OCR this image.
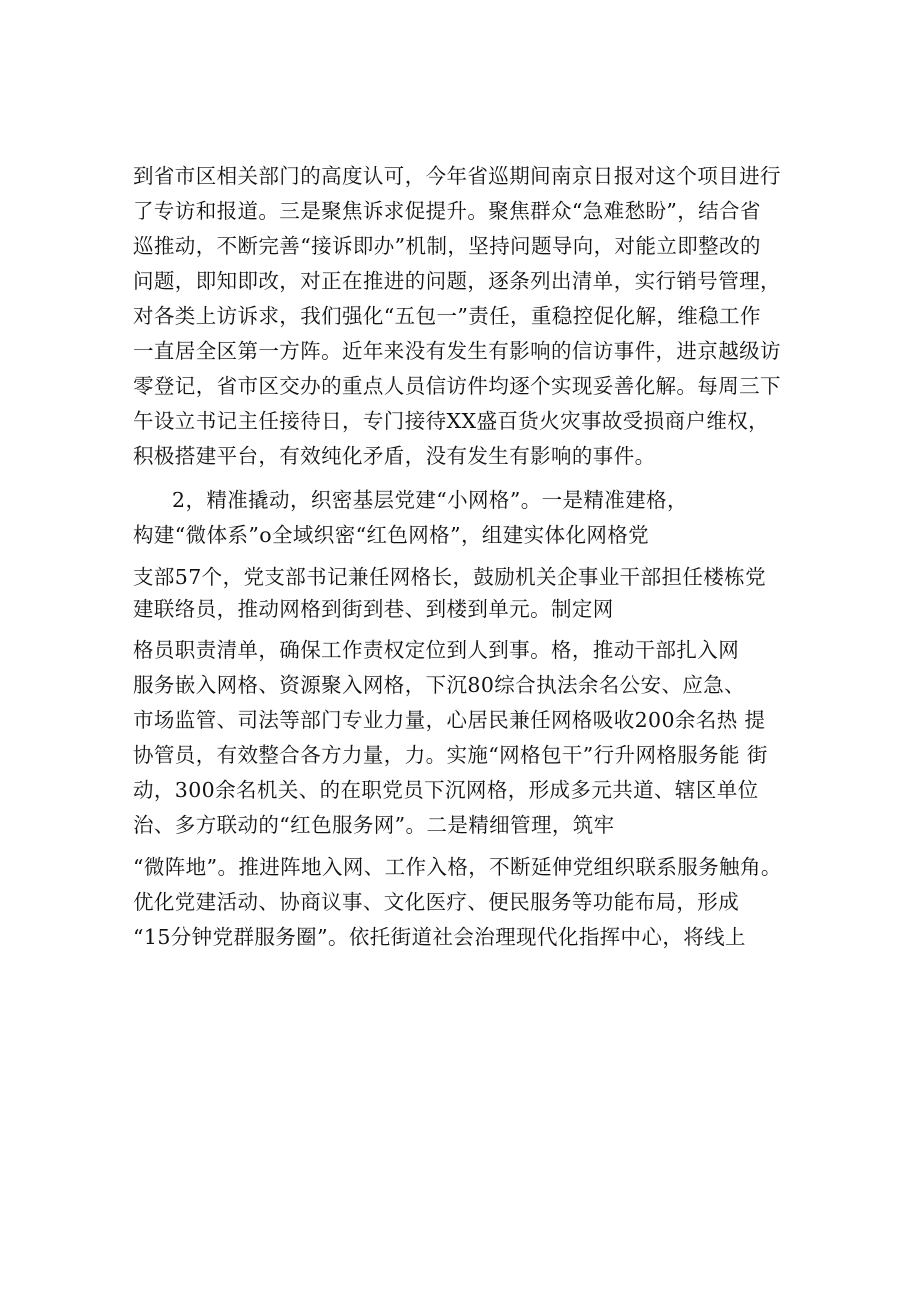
到省市区相关部门的高度认可，今年省巡期间南京日报对这个项目进行
了专访和报道。三是聚焦诉求促提升。聚焦群众“急难愁盼”，结合省
巡推动，不断完善“接诉即办”机制，坚持问题导向，对能立即整改的
问题，即知即改，对正在推进的问题，逐条列出清单，实行销号管理，
对各类上访诉求，我们强化“五包一”责任，重稳控促化解，维稳工作
一直居全区第一方阵。近年来没有发生有影响的信访事件，进京越级访
零登记，省市区交办的重点人员信访件均逐个实现妥善化解。每周三下
午设立书记主任接待日，专门接待XX盛百货火灾事故受损商户维权，
积极搭建平台，有效纯化矛盾，没有发生有影响的事件。
2，精准撬动，织密基层党建“小网格”。一是精准建格，
构建“微体系”o全域织密“红色网格”，组建实体化网格党
支部57个，党支部书记兼任网格长，鼓励机关企事业干部担任楼栋党
建联络员，推动网格到街到巷、到楼到单元。制定网
格员职责清单，确保工作责权定位到人到事。格，推动干部扎入网
服务嵌入网格、资源聚入网格，下沉80综合执法余名公安、应急、
市场监管、司法等部门专业力量，心居民兼任网格吸收200余名热 提
协管员，有效整合各方力量，力。实施“网格包干”行升网格服务能 街
动，300余名机关、的在职党员下沉网格，形成多元共道、辖区单位
治、多方联动的“红色服务网”。二是精细管理，筑牢
“微阵地”。推进阵地入网、工作入格，不断延伸党组织联系服务触角。
优化党建活动、协商议事、文化医疗、便民服务等功能布局，形成
“15分钟党群服务圈”。依托街道社会治理现代化指挥中心，将线上
